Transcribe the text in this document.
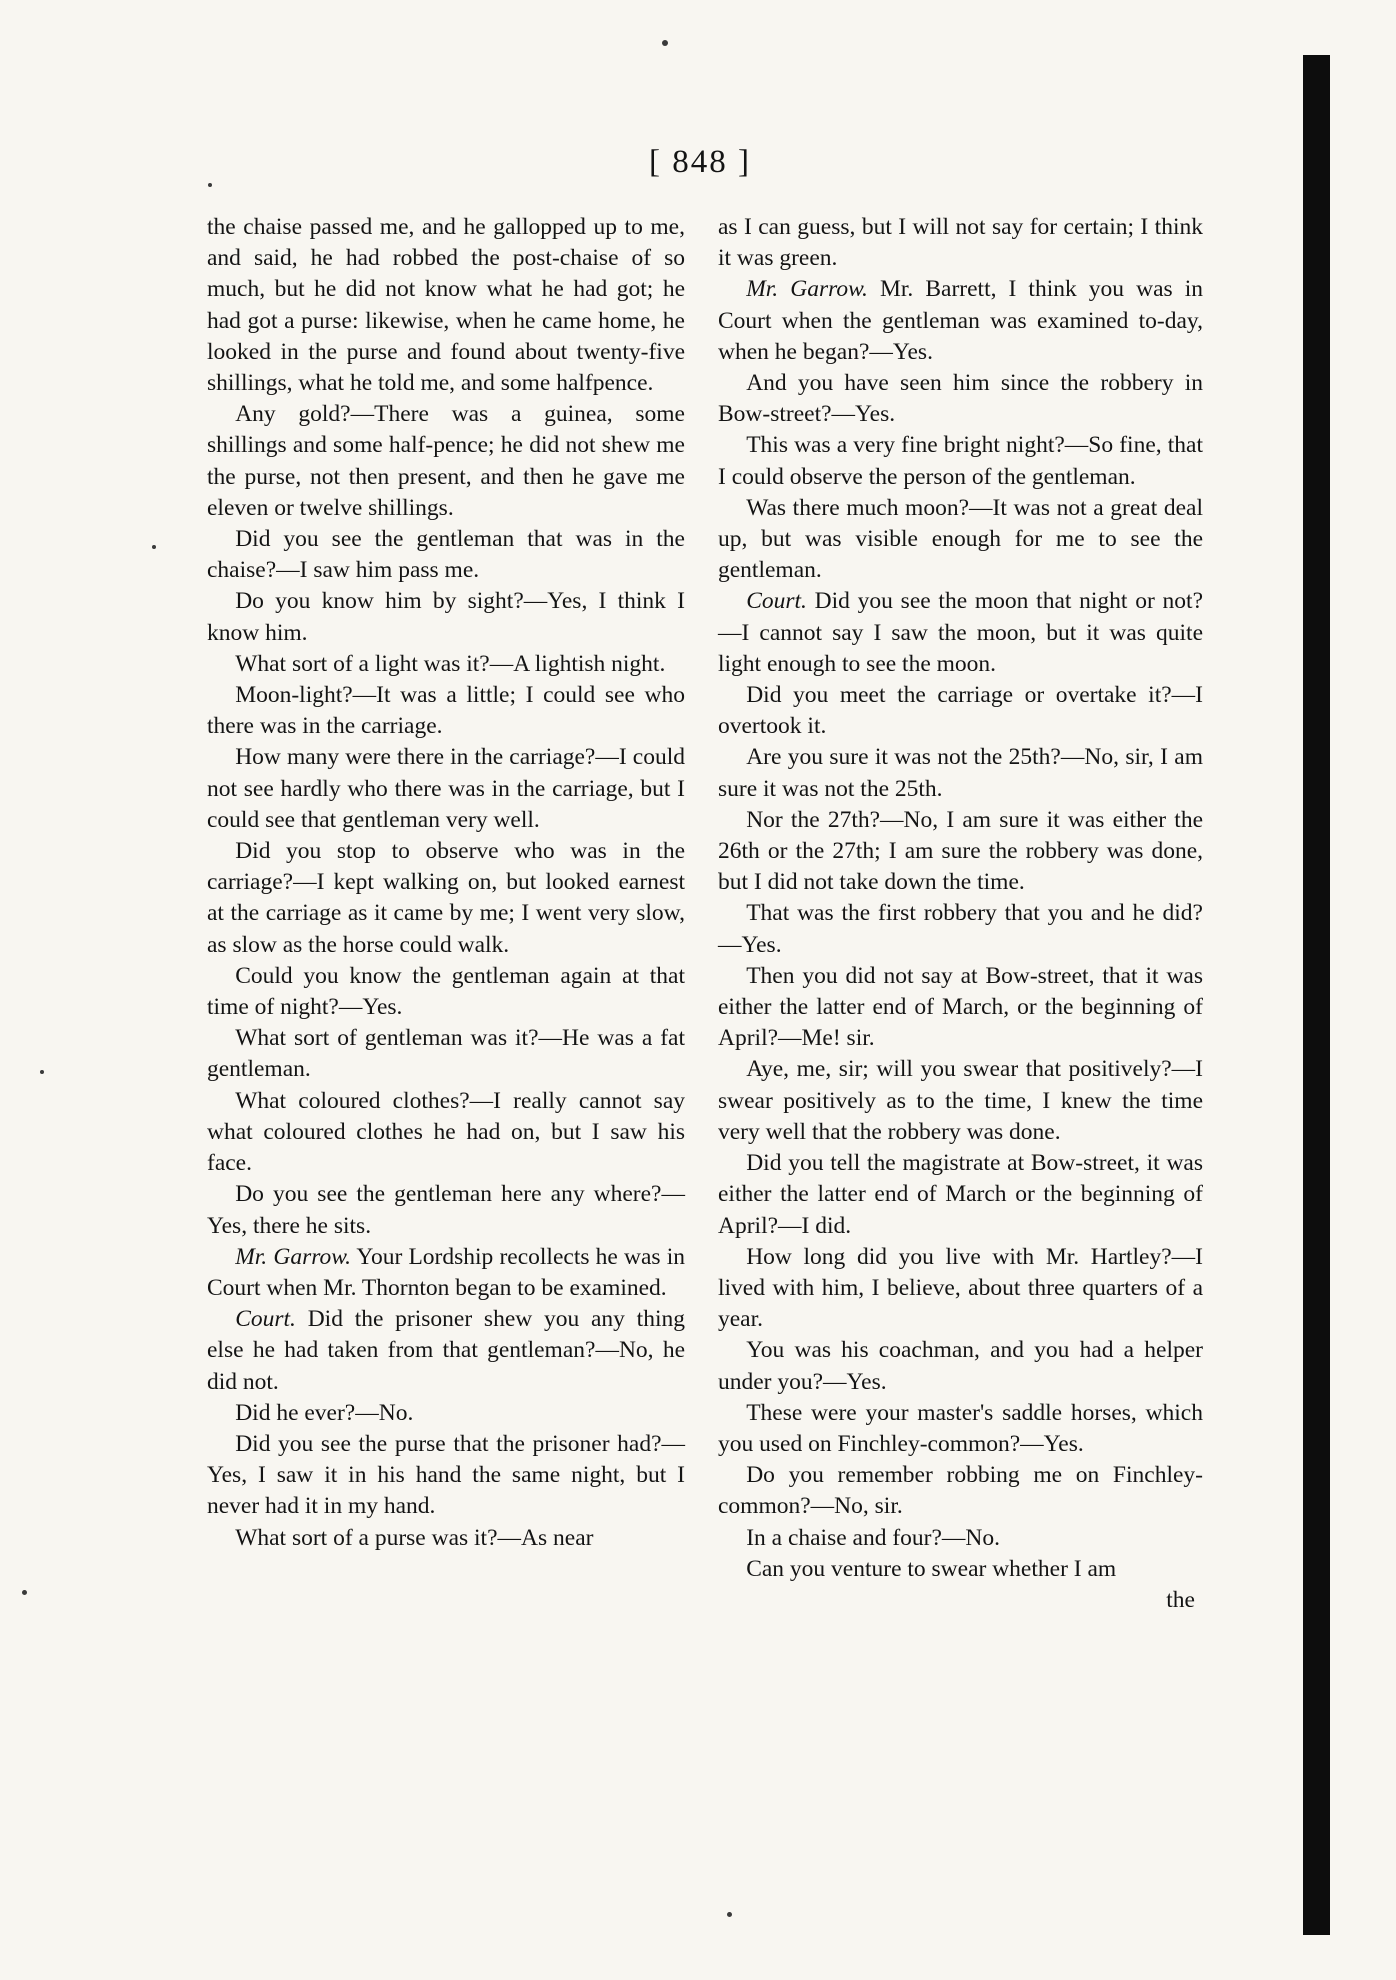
[ 848 ]

the chaise passed me, and he gallopped up to me, and said, he had robbed the post-chaise of so much, but he did not know what he had got; he had got a purse: likewise, when he came home, he looked in the purse and found about twenty-five shillings, what he told me, and some halfpence.

Any gold?—There was a guinea, some shillings and some half-pence; he did not shew me the purse, not then present, and then he gave me eleven or twelve shillings.

Did you see the gentleman that was in the chaise?—I saw him pass me.

Do you know him by sight?—Yes, I think I know him.

What sort of a light was it?—A lightish night.

Moon-light?—It was a little; I could see who there was in the carriage.

How many were there in the carriage?—I could not see hardly who there was in the carriage, but I could see that gentleman very well.

Did you stop to observe who was in the carriage?—I kept walking on, but looked earnest at the carriage as it came by me; I went very slow, as slow as the horse could walk.

Could you know the gentleman again at that time of night?—Yes.

What sort of gentleman was it?—He was a fat gentleman.

What coloured clothes?—I really cannot say what coloured clothes he had on, but I saw his face.

Do you see the gentleman here any where?—Yes, there he sits.

Mr. Garrow. Your Lordship recollects he was in Court when Mr. Thornton began to be examined.

Court. Did the prisoner shew you any thing else he had taken from that gentleman?—No, he did not.

Did he ever?—No.

Did you see the purse that the prisoner had?—Yes, I saw it in his hand the same night, but I never had it in my hand.

What sort of a purse was it?—As near

as I can guess, but I will not say for certain; I think it was green.

Mr. Garrow. Mr. Barrett, I think you was in Court when the gentleman was examined to-day, when he began?—Yes.

And you have seen him since the robbery in Bow-street?—Yes.

This was a very fine bright night?—So fine, that I could observe the person of the gentleman.

Was there much moon?—It was not a great deal up, but was visible enough for me to see the gentleman.

Court. Did you see the moon that night or not?—I cannot say I saw the moon, but it was quite light enough to see the moon.

Did you meet the carriage or overtake it?—I overtook it.

Are you sure it was not the 25th?—No, sir, I am sure it was not the 25th.

Nor the 27th?—No, I am sure it was either the 26th or the 27th; I am sure the robbery was done, but I did not take down the time.

That was the first robbery that you and he did?—Yes.

Then you did not say at Bow-street, that it was either the latter end of March, or the beginning of April?—Me! sir.

Aye, me, sir; will you swear that positively?—I swear positively as to the time, I knew the time very well that the robbery was done.

Did you tell the magistrate at Bow-street, it was either the latter end of March or the beginning of April?—I did.

How long did you live with Mr. Hartley?—I lived with him, I believe, about three quarters of a year.

You was his coachman, and you had a helper under you?—Yes.

These were your master's saddle horses, which you used on Finchley-common?—Yes.

Do you remember robbing me on Finchley-common?—No, sir.

In a chaise and four?—No.

Can you venture to swear whether I am

the
